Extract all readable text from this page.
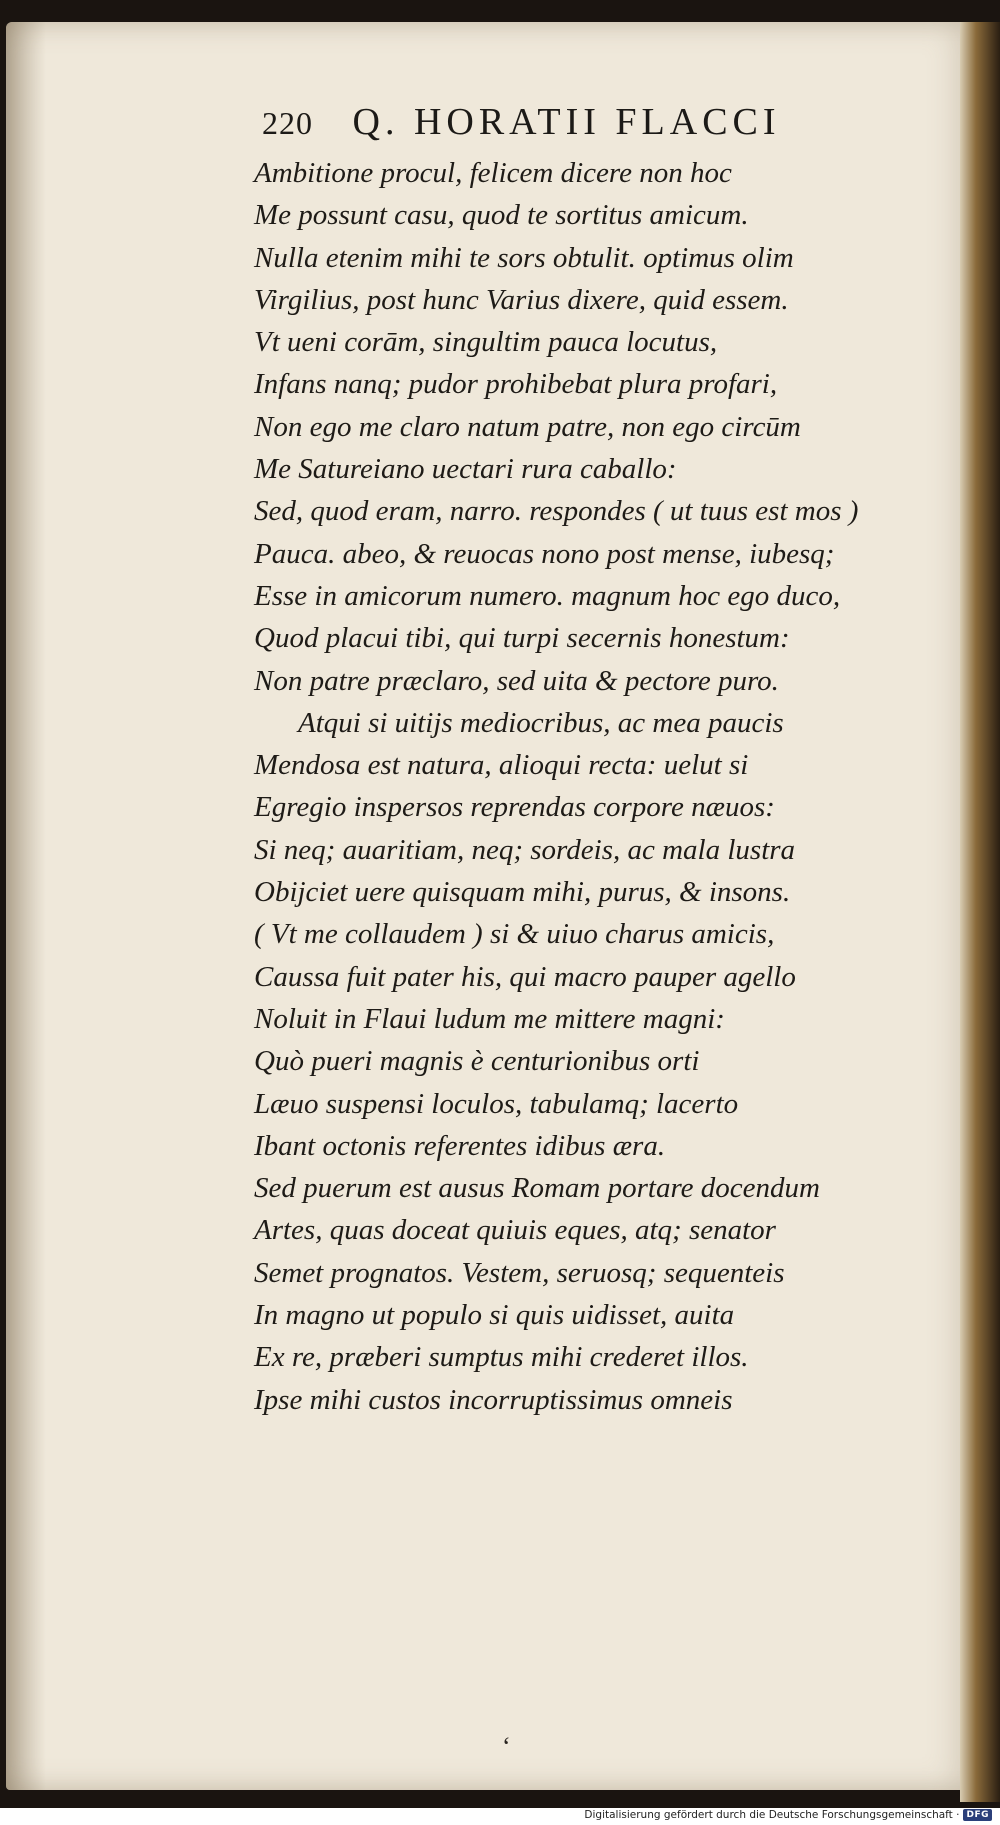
220 Q. HORATII FLACCI
Ambitione procul, felicem dicere non hoc
Me possunt casu, quod te sortitus amicum.
Nulla etenim mihi te sors obtulit. optimus olim
Virgilius, post hunc Varius dixere, quid essem.
Vt ueni corām, singultim pauca locutus,
Infans nanq; pudor prohibebat plura profari,
Non ego me claro natum patre, non ego circūm
Me Satureiano uectari rura caballo:
Sed, quod eram, narro. respondes ( ut tuus est mos )
Pauca. abeo, & reuocas nono post mense, iubesq;
Esse in amicorum numero. magnum hoc ego duco,
Quod placui tibi, qui turpi secernis honestum:
Non patre præclaro, sed uita & pectore puro.
Atqui si uitijs mediocribus, ac mea paucis
Mendosa est natura, alioqui recta: uelut si
Egregio inspersos reprendas corpore næuos:
Si neq; auaritiam, neq; sordeis, ac mala lustra
Obijciet uere quisquam mihi, purus, & insons.
( Vt me collaudem ) si & uiuo charus amicis,
Caussa fuit pater his, qui macro pauper agello
Noluit in Flaui ludum me mittere magni:
Quò pueri magnis è centurionibus orti
Læuo suspensi loculos, tabulamq; lacerto
Ibant octonis referentes idibus æra.
Sed puerum est ausus Romam portare docendum
Artes, quas doceat quiuis eques, atq; senator
Semet prognatos. Vestem, seruosq; sequenteis
In magno ut populo si quis uidisset, auita
Ex re, præberi sumptus mihi crederet illos.
Ipse mihi custos incorruptissimus omneis
‘
Digitalisierung gefördert durch die Deutsche Forschungsgemeinschaft · DFG
